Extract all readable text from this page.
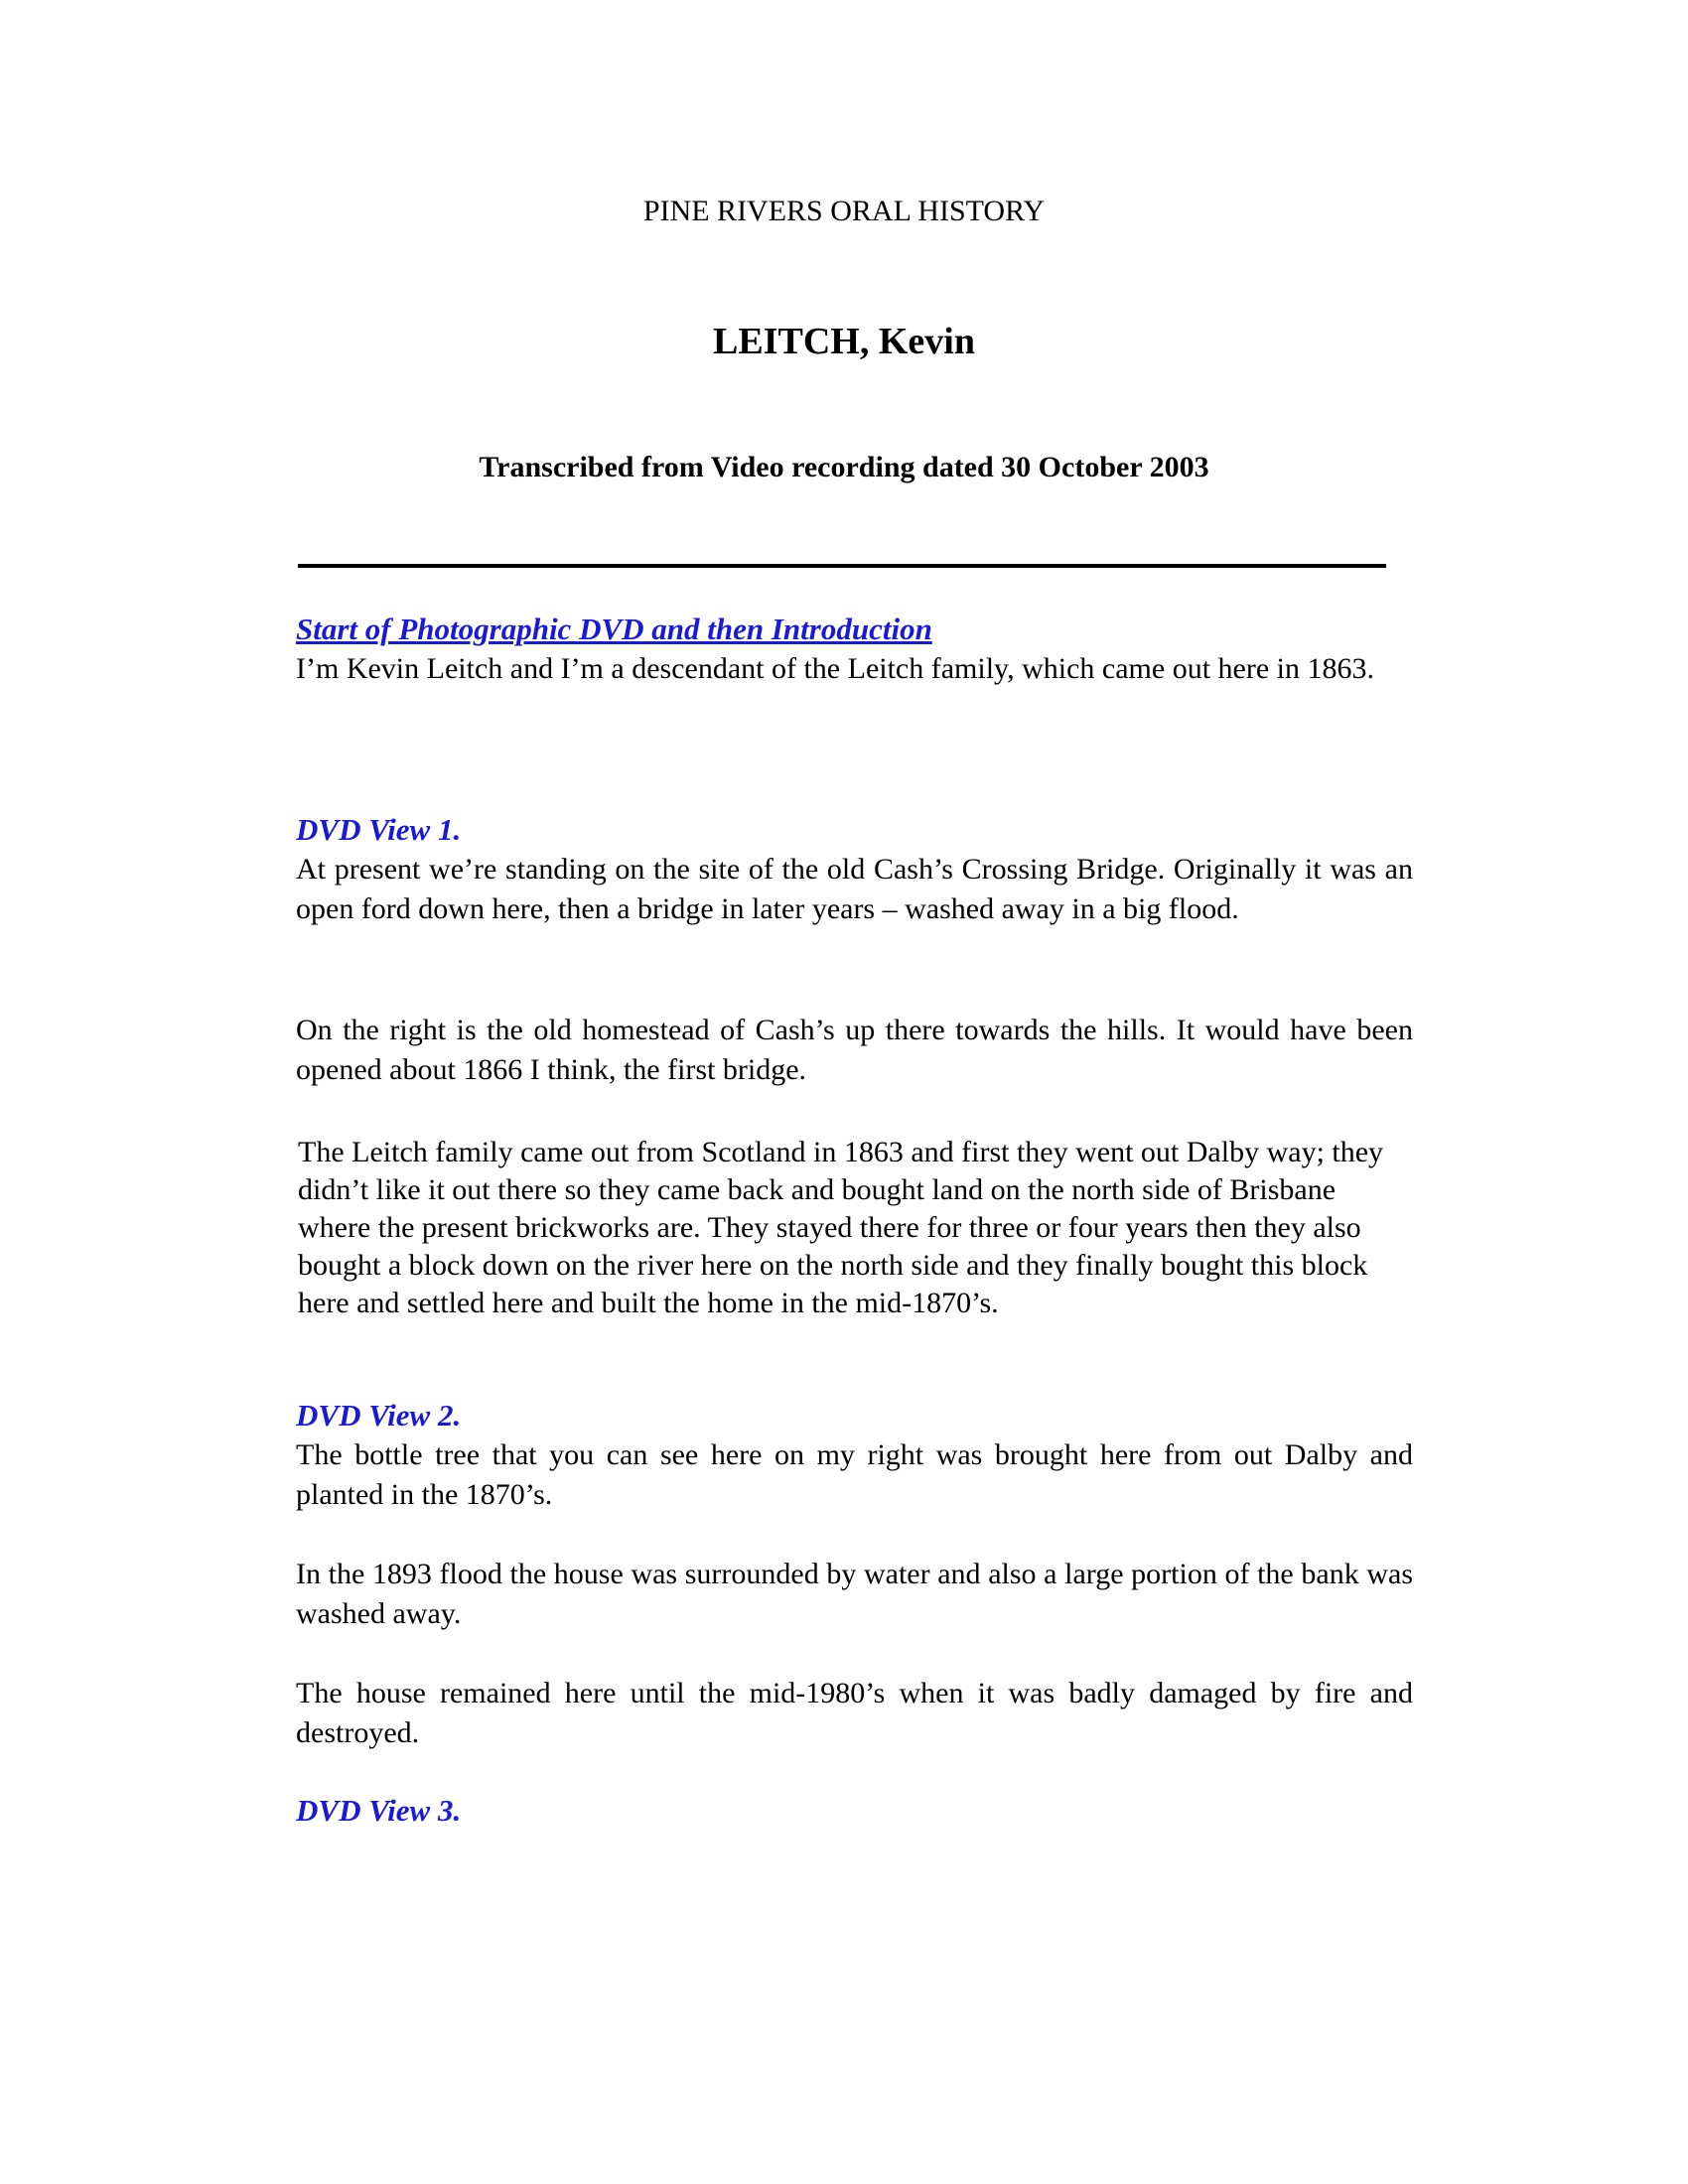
PINE RIVERS ORAL HISTORY
LEITCH, Kevin
Transcribed from Video recording dated 30 October 2003
Start of Photographic DVD and then Introduction

I’m Kevin Leitch and I’m a descendant of the Leitch family, which came out here in 1863.

DVD View 1.

At present we’re standing on the site of the old Cash’s Crossing Bridge. Originally it was an open ford down here, then a bridge in later years – washed away in a big flood.

On the right is the old homestead of Cash’s up there towards the hills. It would have been opened about 1866 I think, the first bridge.

The Leitch family came out from Scotland in 1863 and first they went out Dalby way; they didn’t like it out there so they came back and bought land on the north side of Brisbane where the present brickworks are. They stayed there for three or four years then they also bought a block down on the river here on the north side and they finally bought this block here and settled here and built the home in the mid-1870’s.

DVD View 2.

The bottle tree that you can see here on my right was brought here from out Dalby and planted in the 1870’s.

In the 1893 flood the house was surrounded by water and also a large portion of the bank was washed away.

The house remained here until the mid-1980’s when it was badly damaged by fire and destroyed.

DVD View 3.
